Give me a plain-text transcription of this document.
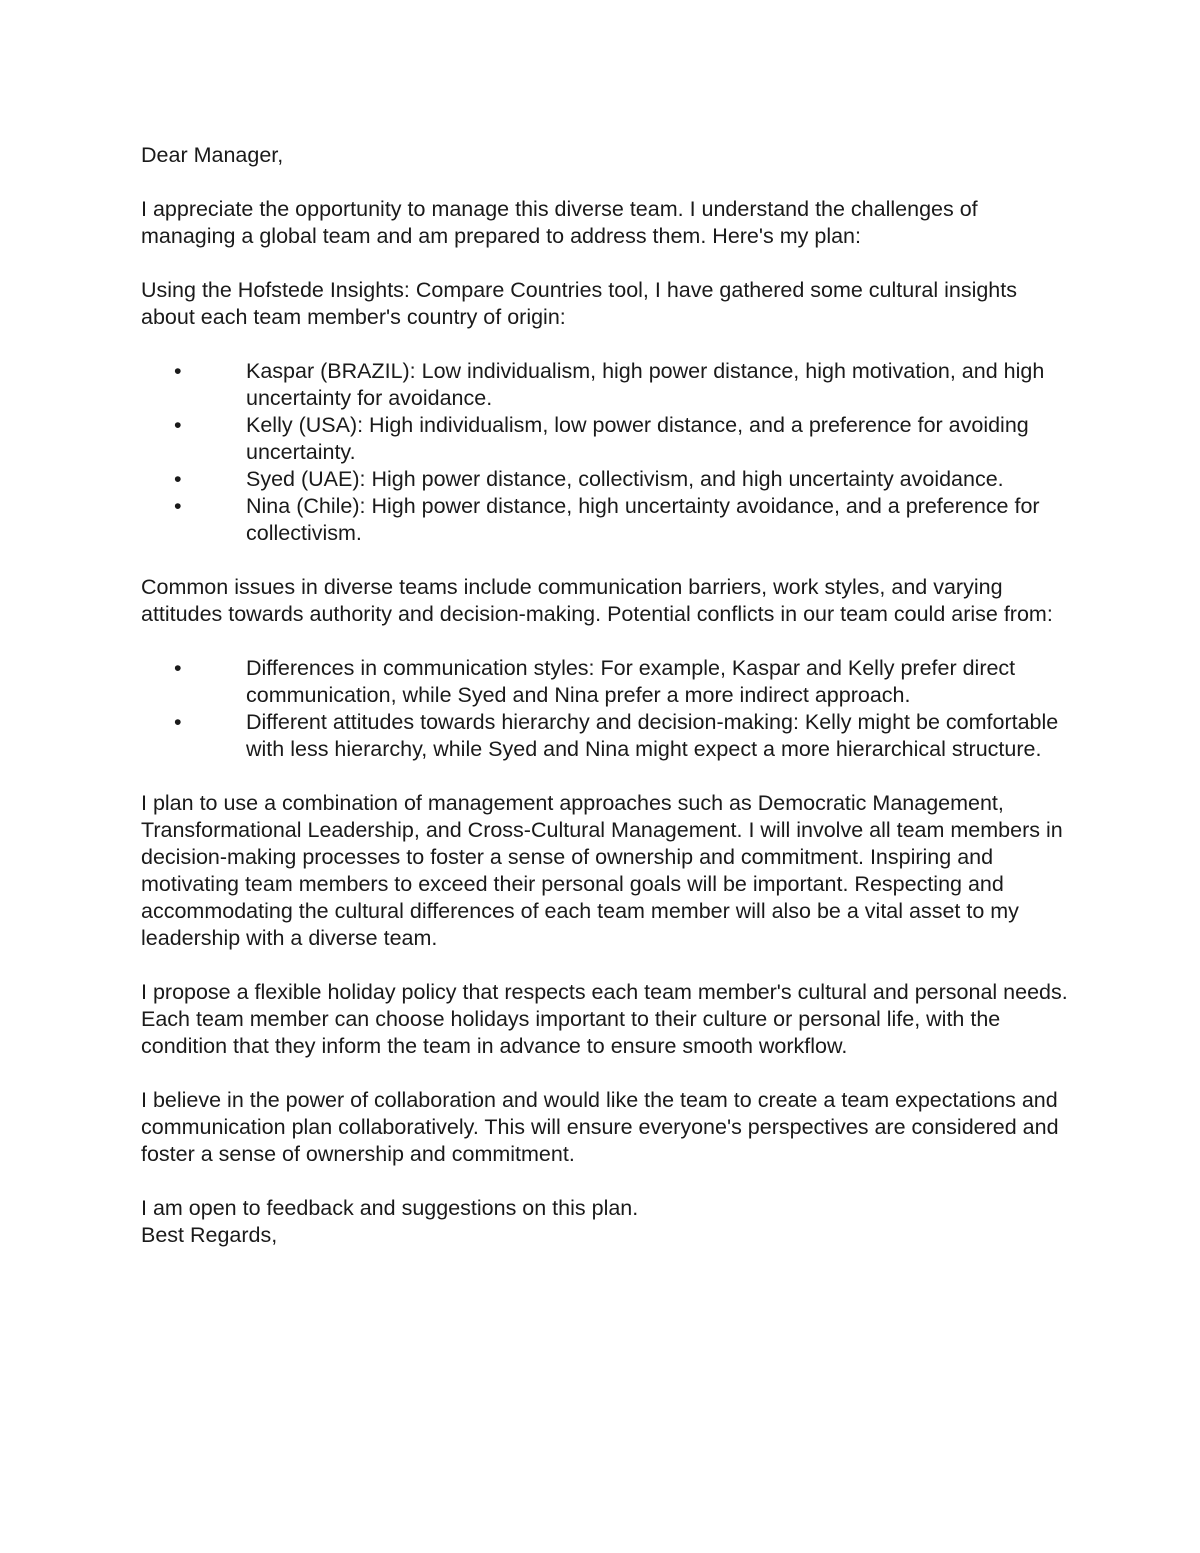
Dear Manager,

I appreciate the opportunity to manage this diverse team. I understand the challenges of managing a global team and am prepared to address them. Here's my plan:

Using the Hofstede Insights: Compare Countries tool, I have gathered some cultural insights about each team member's country of origin:

•	Kaspar (BRAZIL): Low individualism, high power distance, high motivation, and high uncertainty for avoidance.
•	Kelly (USA): High individualism, low power distance, and a preference for avoiding uncertainty.
•	Syed (UAE): High power distance, collectivism, and high uncertainty avoidance.
•	Nina (Chile): High power distance, high uncertainty avoidance, and a preference for collectivism.

Common issues in diverse teams include communication barriers, work styles, and varying attitudes towards authority and decision-making. Potential conflicts in our team could arise from:

•	Differences in communication styles: For example, Kaspar and Kelly prefer direct communication, while Syed and Nina prefer a more indirect approach.
•	Different attitudes towards hierarchy and decision-making: Kelly might be comfortable with less hierarchy, while Syed and Nina might expect a more hierarchical structure.

I plan to use a combination of management approaches such as Democratic Management, Transformational Leadership, and Cross-Cultural Management. I will involve all team members in decision-making processes to foster a sense of ownership and commitment. Inspiring and motivating team members to exceed their personal goals will be important. Respecting and accommodating the cultural differences of each team member will also be a vital asset to my leadership with a diverse team.

I propose a flexible holiday policy that respects each team member's cultural and personal needs. Each team member can choose holidays important to their culture or personal life, with the condition that they inform the team in advance to ensure smooth workflow.

I believe in the power of collaboration and would like the team to create a team expectations and communication plan collaboratively. This will ensure everyone's perspectives are considered and foster a sense of ownership and commitment.

I am open to feedback and suggestions on this plan.

Best Regards,
